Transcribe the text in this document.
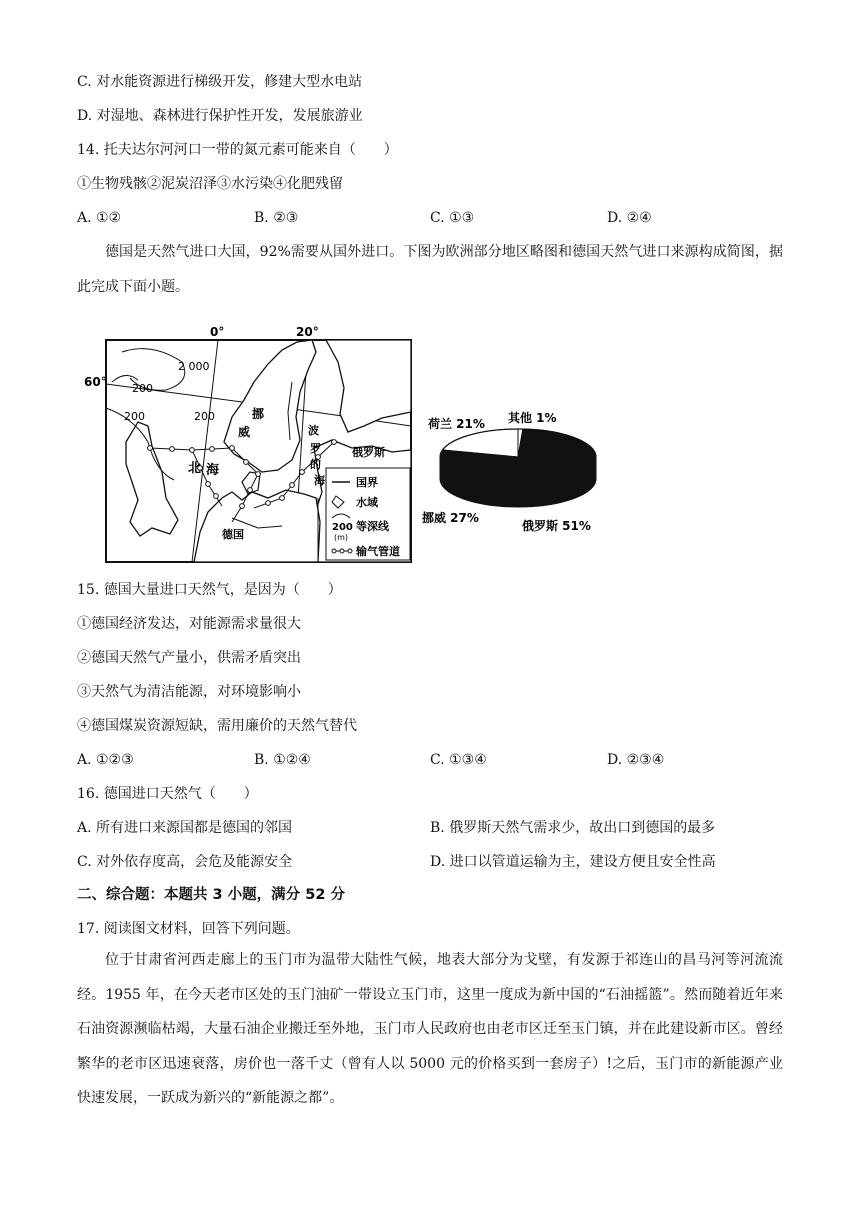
C. 对水能资源进行梯级开发，修建大型水电站
D. 对湿地、森林进行保护性开发，发展旅游业
14. 托夫达尔河河口一带的氮元素可能来自（　　）
①生物残骸②泥炭沼泽③水污染④化肥残留
A. ①②	B. ②③	C. ①③	D. ②④
德国是天然气进口大国，92%需要从国外进口。下图为欧洲部分地区略图和德国天然气进口来源构成简图，据此完成下面小题。
0°	20°
60°
2 000
200
200	200	挪
威	波
罗
的
海
北 海
俄罗斯
德国
国界
水域
200
(m)
等深线
输气管道
荷兰 21% 其他 1%
俄罗斯 51%
挪威 27%
15. 德国大量进口天然气，是因为（　　）
①德国经济发达，对能源需求量很大
②德国天然气产量小，供需矛盾突出
③天然气为清洁能源，对环境影响小
④德国煤炭资源短缺，需用廉价的天然气替代
A. ①②③	B. ①②④	C. ①③④	D. ②③④
16. 德国进口天然气（　　）
A. 所有进口来源国都是德国的邻国	B. 俄罗斯天然气需求少，故出口到德国的最多
C. 对外依存度高，会危及能源安全	D. 进口以管道运输为主，建设方便且安全性高
二、综合题：本题共 3 小题，满分 52 分
17. 阅读图文材料，回答下列问题。
位于甘肃省河西走廊上的玉门市为温带大陆性气候，地表大部分为戈壁，有发源于祁连山的昌马河等河流流经。1955 年，在今天老市区处的玉门油矿一带设立玉门市，这里一度成为新中国的“石油摇篮”。然而随着近年来石油资源濒临枯竭，大量石油企业搬迁至外地，玉门市人民政府也由老市区迁至玉门镇，并在此建设新市区。曾经繁华的老市区迅速衰落，房价也一落千丈（曾有人以 5000 元的价格买到一套房子）!之后，玉门市的新能源产业快速发展，一跃成为新兴的“新能源之都”。
